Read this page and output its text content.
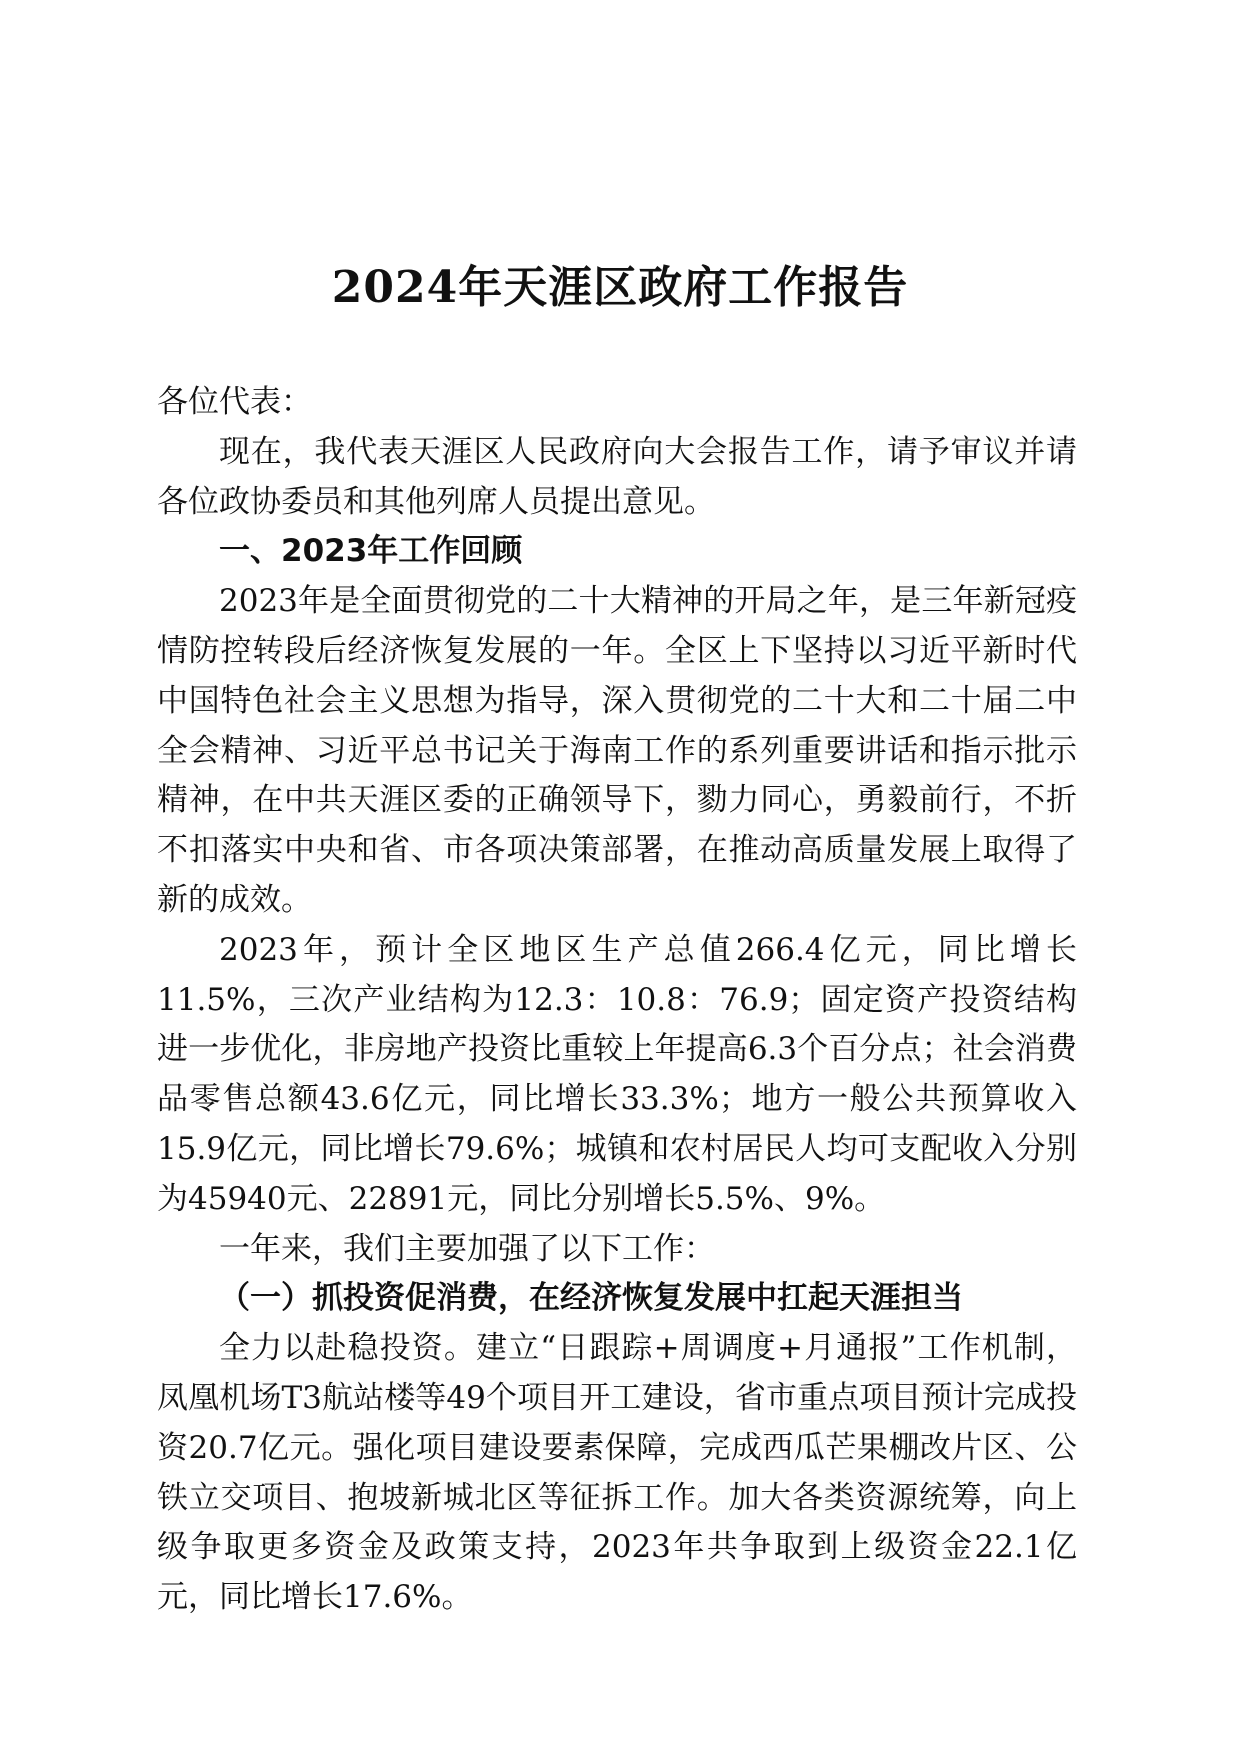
2024年天涯区政府工作报告

各位代表：

现在，我代表天涯区人民政府向大会报告工作，请予审议并请各位政协委员和其他列席人员提出意见。

一、2023年工作回顾

2023年是全面贯彻党的二十大精神的开局之年，是三年新冠疫情防控转段后经济恢复发展的一年。全区上下坚持以习近平新时代中国特色社会主义思想为指导，深入贯彻党的二十大和二十届二中全会精神、习近平总书记关于海南工作的系列重要讲话和指示批示精神，在中共天涯区委的正确领导下，勠力同心，勇毅前行，不折不扣落实中央和省、市各项决策部署，在推动高质量发展上取得了新的成效。

2023年，预计全区地区生产总值266.4亿元，同比增长11.5%，三次产业结构为12.3：10.8：76.9；固定资产投资结构进一步优化，非房地产投资比重较上年提高6.3个百分点；社会消费品零售总额43.6亿元，同比增长33.3%；地方一般公共预算收入15.9亿元，同比增长79.6%；城镇和农村居民人均可支配收入分别为45940元、22891元，同比分别增长5.5%、9%。

一年来，我们主要加强了以下工作：

（一）抓投资促消费，在经济恢复发展中扛起天涯担当

全力以赴稳投资。建立“日跟踪+周调度+月通报”工作机制，凤凰机场T3航站楼等49个项目开工建设，省市重点项目预计完成投资20.7亿元。强化项目建设要素保障，完成西瓜芒果棚改片区、公铁立交项目、抱坡新城北区等征拆工作。加大各类资源统筹，向上级争取更多资金及政策支持，2023年共争取到上级资金22.1亿元，同比增长17.6%。
